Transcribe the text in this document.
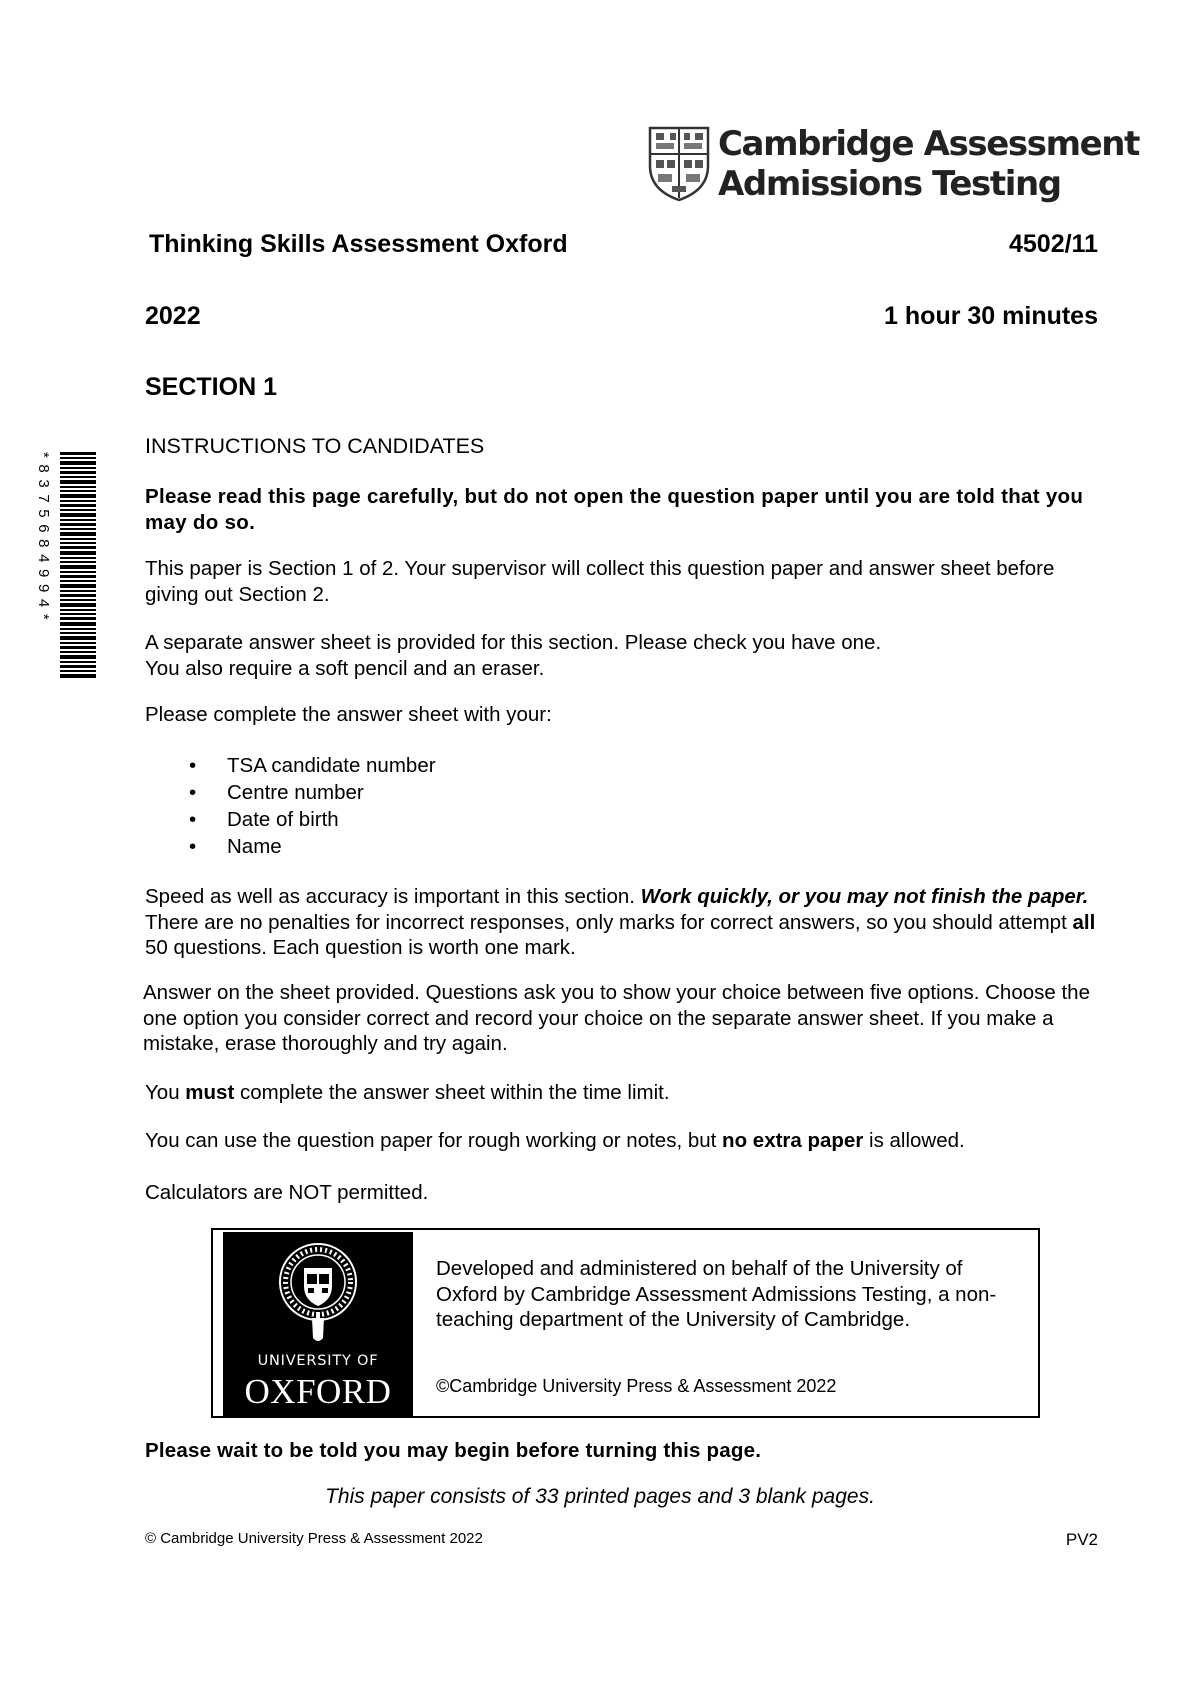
Cambridge Assessment
Admissions Testing
Thinking Skills Assessment Oxford	4502/11
2022	1 hour 30 minutes
SECTION 1
INSTRUCTIONS TO CANDIDATES
*8375684994*	Please read this page carefully, but do not open the question paper until you are told that you may do so.
This paper is Section 1 of 2. Your supervisor will collect this question paper and answer sheet before giving out Section 2.
A separate answer sheet is provided for this section. Please check you have one.
You also require a soft pencil and an eraser.
Please complete the answer sheet with your:
• TSA candidate number
• Centre number
• Date of birth
• Name
Speed as well as accuracy is important in this section. Work quickly, or you may not finish the paper. There are no penalties for incorrect responses, only marks for correct answers, so you should attempt all 50 questions. Each question is worth one mark.
Answer on the sheet provided. Questions ask you to show your choice between five options. Choose the one option you consider correct and record your choice on the separate answer sheet. If you make a mistake, erase thoroughly and try again.
You must complete the answer sheet within the time limit.
You can use the question paper for rough working or notes, but no extra paper is allowed.
Calculators are NOT permitted.
UNIVERSITY OF
OXFORD
Developed and administered on behalf of the University of Oxford by Cambridge Assessment Admissions Testing, a non-teaching department of the University of Cambridge.
©Cambridge University Press & Assessment 2022
Please wait to be told you may begin before turning this page.
This paper consists of 33 printed pages and 3 blank pages.
© Cambridge University Press & Assessment 2022	PV2
